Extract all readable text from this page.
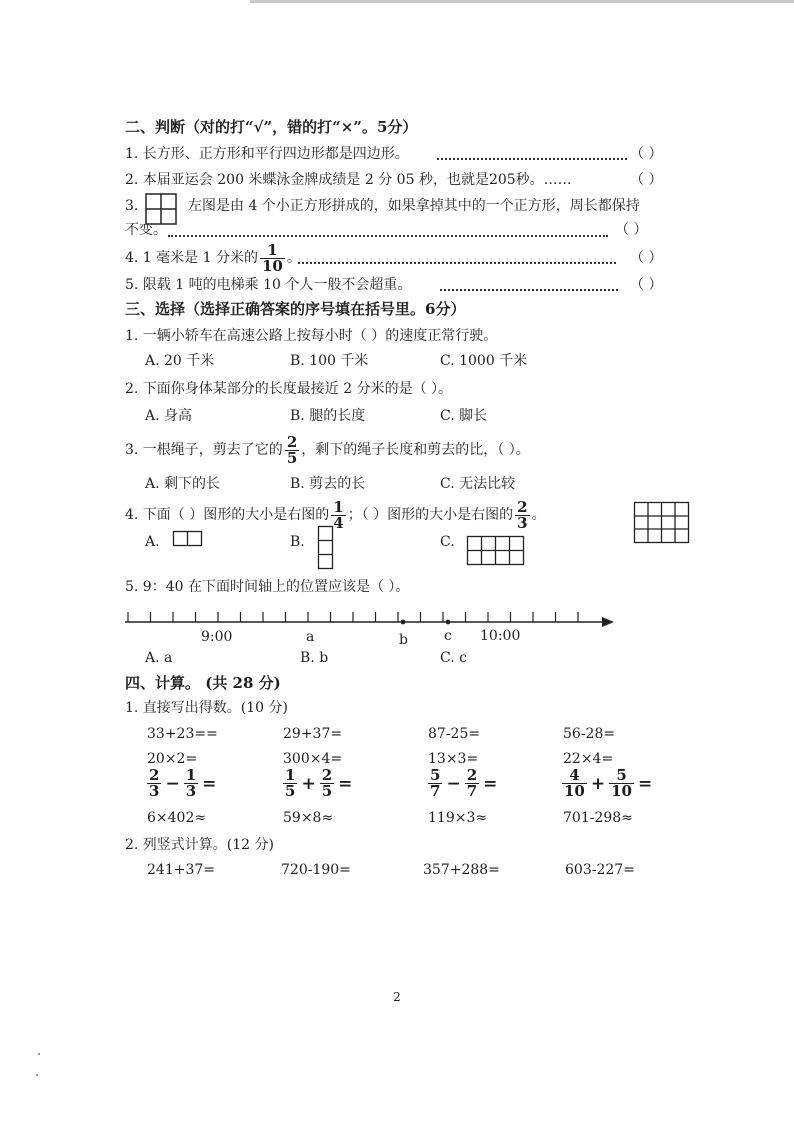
二、判断（对的打“√”，错的打“×”。5分）
1. 长方形、正方形和平行四边形都是四边形。	（ ）
2. 本届亚运会 200 米蝶泳金牌成绩是 2 分 05 秒，也就是205秒。……	（ ）
3.	左图是由 4 个小正方形拼成的，如果拿掉其中的一个正方形，周长都保持
不变。	（ ）
4. 1 毫米是 1 分米的 $\frac{1}{10}$ 。	（ ）
5. 限载 1 吨的电梯乘 10 个人一般不会超重。	（ ）
三、选择（选择正确答案的序号填在括号里。6分）
1. 一辆小轿车在高速公路上按每小时（ ）的速度正常行驶。
A. 20 千米	B. 100 千米	C. 1000 千米
2. 下面你身体某部分的长度最接近 2 分米的是（ ）。
A. 身高	B. 腿的长度	C. 脚长
3. 一根绳子，剪去了它的 $\frac{2}{5}$ ，剩下的绳子长度和剪去的比，（ ）。
A. 剩下的长	B. 剪去的长	C. 无法比较
4. 下面（ ）图形的大小是右图的 $\frac{1}{4}$ ；（ ）图形的大小是右图的 $\frac{2}{3}$ 。
A.	B.	C.
5. 9：40 在下面时间轴上的位置应该是（ ）。
9:00	a	b	c 10:00
A. a	B. b	C. c
四、计算。 (共 28 分)
1. 直接写出得数。(10 分)
33+23==	29+37=	87-25=	56-28=
20×2=	300×4=	13×3=	22×4=
$\frac{2}{3} - \frac{1}{3}$ =	$\frac{1}{5} + \frac{2}{5}$ =	$\frac{5}{7} - \frac{2}{7}$ =	$\frac{4}{10} + \frac{5}{10}$ =
6×402≈	59×8≈	119×3≈	701-298≈
2. 列竖式计算。(12 分)
241+37=	720-190=	357+288=	603-227=
2
